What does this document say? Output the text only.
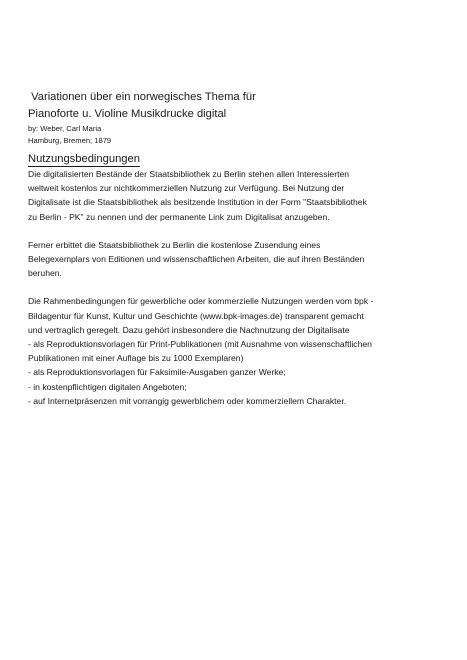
Variationen über ein norwegisches Thema für

Pianoforte u. Violine Musikdrucke digital

by: Weber, Carl Maria

Hamburg, Bremen; 1879

Nutzungsbedingungen
Die digitalisierten Bestände der Staatsbibliothek zu Berlin stehen allen Interessierten
weltweit kostenlos zur nichtkommerziellen Nutzung zur Verfügung. Bei Nutzung der
Digitalisate ist die Staatsbibliothek als besitzende Institution in der Form "Staatsbibliothek
zu Berlin - PK" zu nennen und der permanente Link zum Digitalisat anzugeben.
Ferner erbittet die Staatsbibliothek zu Berlin die kostenlose Zusendung eines
Belegexemplars von Editionen und wissenschaftlichen Arbeiten, die auf ihren Beständen
beruhen.
Die Rahmenbedingungen für gewerbliche oder kommerzielle Nutzungen werden vom bpk -
Bildagentur für Kunst, Kultur und Geschichte (www.bpk-images.de) transparent gemacht
und vertraglich geregelt. Dazu gehört insbesondere die Nachnutzung der Digitalisate
- als Reproduktionsvorlagen für Print-Publikationen (mit Ausnahme von wissenschaftlichen
Publikationen mit einer Auflage bis zu 1000 Exemplaren)
- als Reproduktionsvorlagen für Faksimile-Ausgaben ganzer Werke;
- in kostenpflichtigen digitalen Angeboten;
- auf Internetpräsenzen mit vorrangig gewerblichem oder kommerziellem Charakter.
